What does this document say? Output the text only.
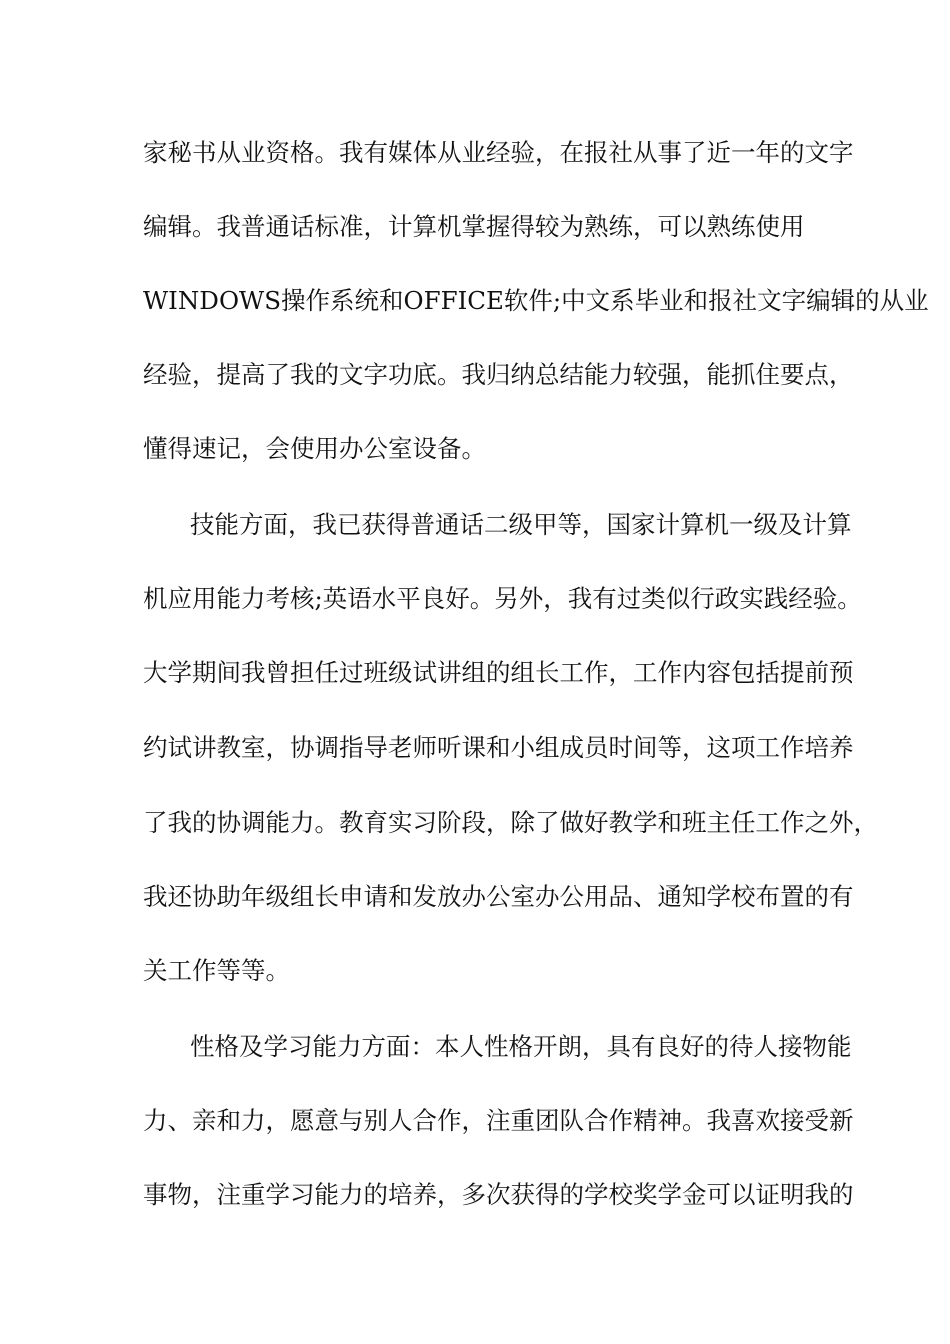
家秘书从业资格。我有媒体从业经验，在报社从事了近一年的文字

编辑。我普通话标准，计算机掌握得较为熟练，可以熟练使用

WINDOWS操作系统和OFFICE软件;中文系毕业和报社文字编辑的从业

经验，提高了我的文字功底。我归纳总结能力较强，能抓住要点，

懂得速记，会使用办公室设备。

技能方面，我已获得普通话二级甲等，国家计算机一级及计算

机应用能力考核;英语水平良好。另外，我有过类似行政实践经验。

大学期间我曾担任过班级试讲组的组长工作，工作内容包括提前预

约试讲教室，协调指导老师听课和小组成员时间等，这项工作培养

了我的协调能力。教育实习阶段，除了做好教学和班主任工作之外，

我还协助年级组长申请和发放办公室办公用品、通知学校布置的有

关工作等等。

性格及学习能力方面：本人性格开朗，具有良好的待人接物能

力、亲和力，愿意与别人合作，注重团队合作精神。我喜欢接受新

事物，注重学习能力的培养，多次获得的学校奖学金可以证明我的
